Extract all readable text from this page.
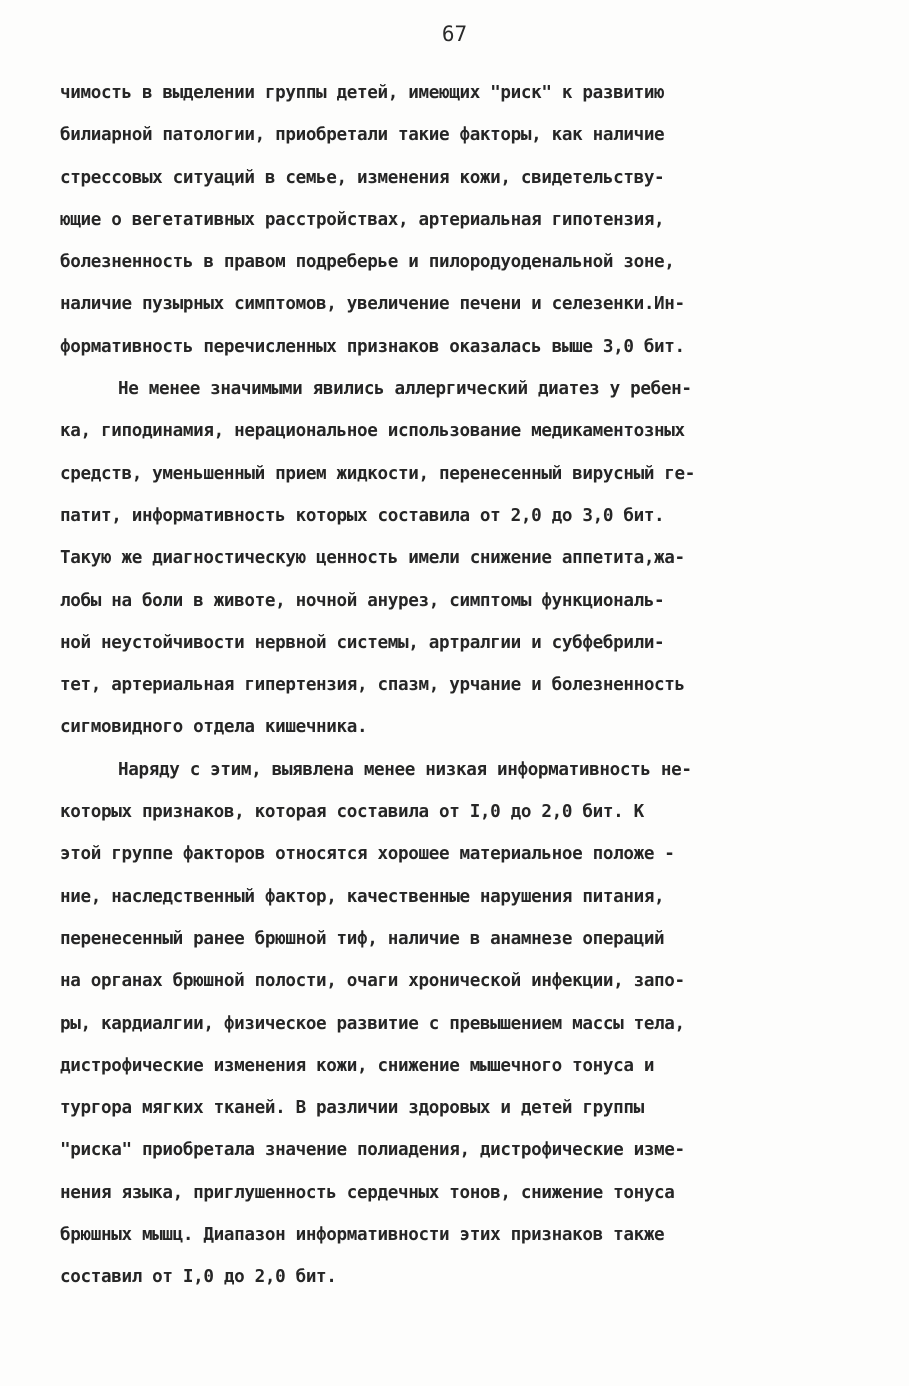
67
чимость в выделении группы детей, имеющих "риск" к развитию
билиарной патологии, приобретали такие факторы, как наличие
стрессовых ситуаций в семье, изменения кожи, свидетельству-
ющие о вегетативных расстройствах, артериальная гипотензия,
болезненность в правом подреберье и пилородуоденальной зоне,
наличие пузырных симптомов, увеличение печени и селезенки.Ин-
формативность перечисленных признаков оказалась выше 3,0 бит.
Не менее значимыми явились аллергический диатез у ребен-
ка, гиподинамия, нерациональное использование медикаментозных
средств, уменьшенный прием жидкости, перенесенный вирусный ге-
патит, информативность которых составила от 2,0 до 3,0 бит.
Такую же диагностическую ценность имели снижение аппетита,жа-
лобы на боли в животе, ночной анурез, симптомы функциональ-
ной неустойчивости нервной системы, артралгии и субфебрили-
тет, артериальная гипертензия, спазм, урчание и болезненность
сигмовидного отдела кишечника.
Наряду с этим, выявлена менее низкая информативность не-
которых признаков, которая составила от I,0 до 2,0 бит. К
этой группе факторов относятся хорошее материальное положе -
ние, наследственный фактор, качественные нарушения питания,
перенесенный ранее брюшной тиф, наличие в анамнезе операций
на органах брюшной полости, очаги хронической инфекции, запо-
ры, кардиалгии, физическое развитие с превышением массы тела,
дистрофические изменения кожи, снижение мышечного тонуса и
тургора мягких тканей. В различии здоровых и детей группы
"риска" приобретала значение полиадения, дистрофические изме-
нения языка, приглушенность сердечных тонов, снижение тонуса
брюшных мышц. Диапазон информативности этих признаков также
составил от I,0 до 2,0 бит.
